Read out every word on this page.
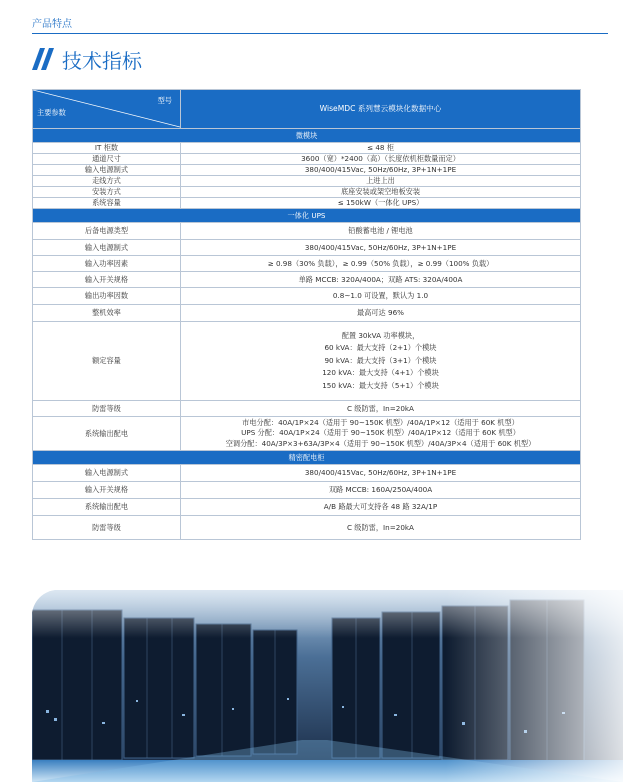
产品特点
技术指标
型号
主要参数	WiseMDC 系列慧云模块化数据中心
微模块	
IT 柜数	≤ 48 柜
通道尺寸	3600（宽）*2400（高）（长度依机柜数量而定）
输入电源制式	380/400/415Vac, 50Hz/60Hz, 3P+1N+1PE
走线方式	上进上出
安装方式	底座安装或架空地板安装
系统容量	≤ 150kW（一体化 UPS）
一体化 UPS	
后备电源类型	铅酸蓄电池 / 锂电池
输入电源制式	380/400/415Vac, 50Hz/60Hz, 3P+1N+1PE
输入功率因素	≥ 0.98（30% 负载），≥ 0.99（50% 负载），≥ 0.99（100% 负载）
输入开关规格	单路 MCCB: 320A/400A；双路 ATS: 320A/400A
输出功率因数	0.8~1.0 可设置，默认为 1.0
整机效率	最高可达 96%
额定容量	配置 30kVA 功率模块，
60 kVA：最大支持（2+1）个模块
90 kVA：最大支持（3+1）个模块
120 kVA：最大支持（4+1）个模块
150 kVA：最大支持（5+1）个模块

防雷等级	C 级防雷，In=20kA
系统输出配电	市电分配：40A/1P×24（适用于 90~150K 机型）/40A/1P×12（适用于 60K 机型）
UPS 分配：40A/1P×24（适用于 90~150K 机型）/40A/1P×12（适用于 60K 机型）
空调分配：40A/3P×3+63A/3P×4（适用于 90~150K 机型）/40A/3P×4（适用于 60K 机型）

精密配电柜	
输入电源制式	380/400/415Vac, 50Hz/60Hz, 3P+1N+1PE
输入开关规格	双路 MCCB: 160A/250A/400A
系统输出配电	A/B 路最大可支持各 48 路 32A/1P
防雷等级	C 级防雷，In=20kA
